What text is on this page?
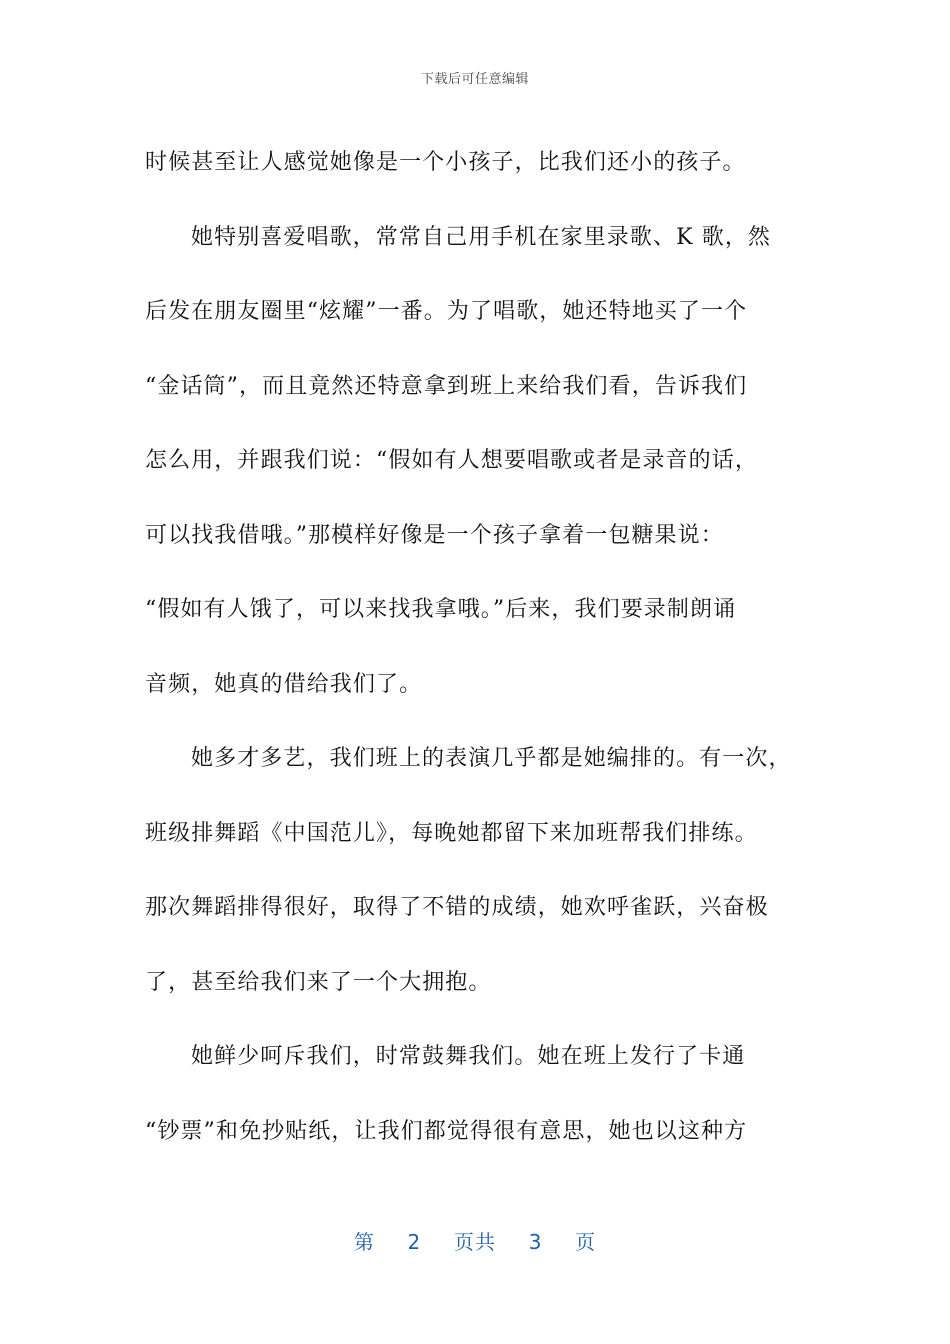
下载后可任意编辑
时候甚至让人感觉她像是一个小孩子，比我们还小的孩子。
她特别喜爱唱歌，常常自己用手机在家里录歌、K 歌，然
后发在朋友圈里“炫耀”一番。为了唱歌，她还特地买了一个
“金话筒”，而且竟然还特意拿到班上来给我们看，告诉我们
怎么用，并跟我们说：“假如有人想要唱歌或者是录音的话，
可以找我借哦。”那模样好像是一个孩子拿着一包糖果说：
“假如有人饿了，可以来找我拿哦。”后来，我们要录制朗诵
音频，她真的借给我们了。
她多才多艺，我们班上的表演几乎都是她编排的。有一次，
班级排舞蹈《中国范儿》，每晚她都留下来加班帮我们排练。
那次舞蹈排得很好，取得了不错的成绩，她欢呼雀跃，兴奋极
了，甚至给我们来了一个大拥抱。
她鲜少呵斥我们，时常鼓舞我们。她在班上发行了卡通
“钞票”和免抄贴纸，让我们都觉得很有意思，她也以这种方
第 2 页共 3 页
